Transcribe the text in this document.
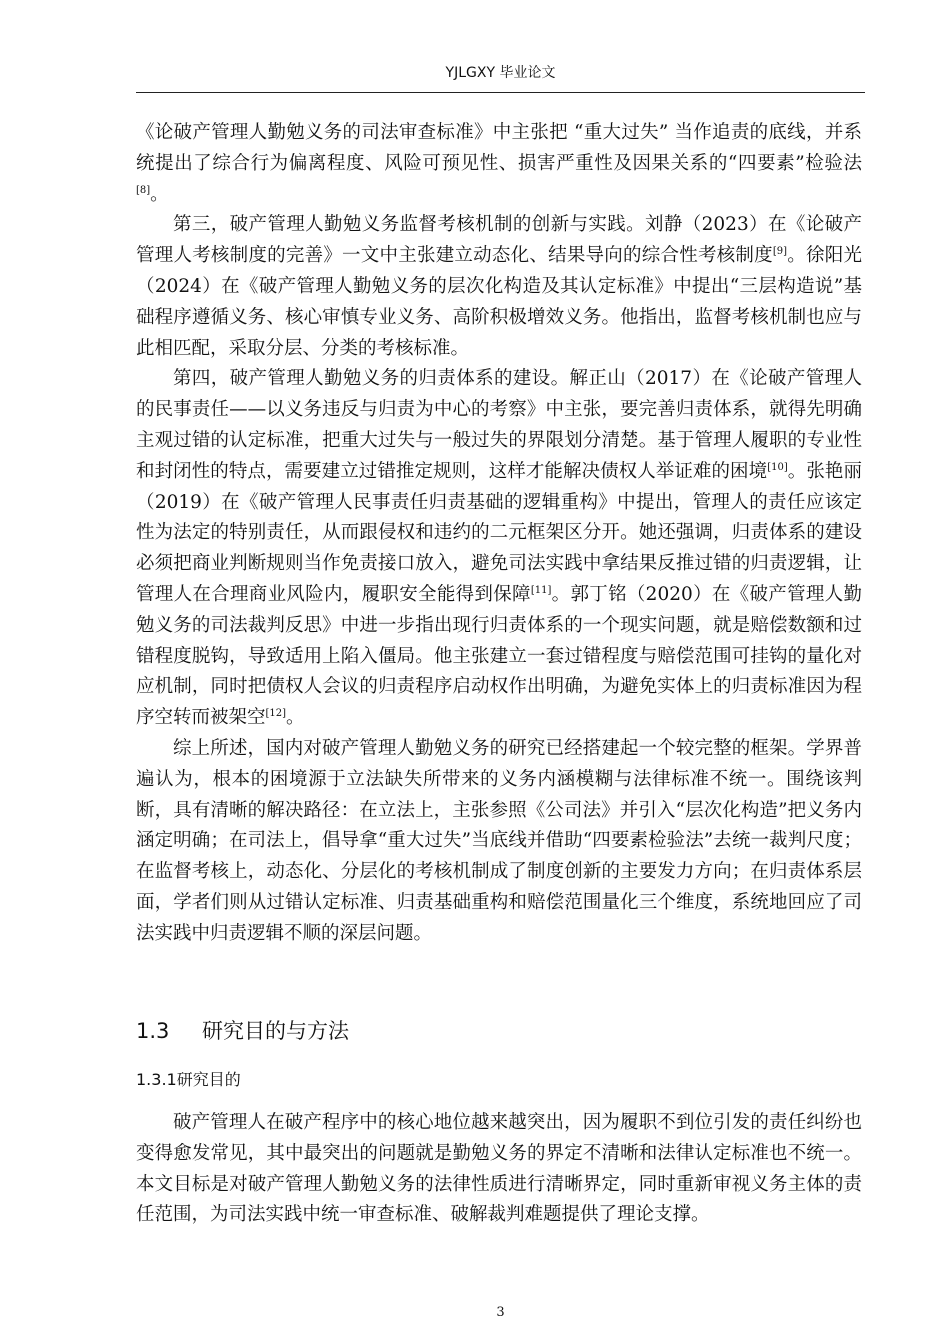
YJLGXY 毕业论文

《论破产管理人勤勉义务的司法审查标准》中主张把 “重大过失” 当作追责的底线，并系统提出了综合行为偏离程度、风险可预见性、损害严重性及因果关系的“四要素”检验法[8]。

第三，破产管理人勤勉义务监督考核机制的创新与实践。刘静（2023）在《论破产管理人考核制度的完善》一文中主张建立动态化、结果导向的综合性考核制度[9]。徐阳光（2024）在《破产管理人勤勉义务的层次化构造及其认定标准》中提出“三层构造说”基础程序遵循义务、核心审慎专业义务、高阶积极增效义务。他指出，监督考核机制也应与此相匹配，采取分层、分类的考核标准。

第四，破产管理人勤勉义务的归责体系的建设。解正山（2017）在《论破产管理人的民事责任——以义务违反与归责为中心的考察》中主张，要完善归责体系，就得先明确主观过错的认定标准，把重大过失与一般过失的界限划分清楚。基于管理人履职的专业性和封闭性的特点，需要建立过错推定规则，这样才能解决债权人举证难的困境[10]。张艳丽（2019）在《破产管理人民事责任归责基础的逻辑重构》中提出，管理人的责任应该定性为法定的特别责任，从而跟侵权和违约的二元框架区分开。她还强调，归责体系的建设必须把商业判断规则当作免责接口放入，避免司法实践中拿结果反推过错的归责逻辑，让管理人在合理商业风险内，履职安全能得到保障[11]。郭丁铭（2020）在《破产管理人勤勉义务的司法裁判反思》中进一步指出现行归责体系的一个现实问题，就是赔偿数额和过错程度脱钩，导致适用上陷入僵局。他主张建立一套过错程度与赔偿范围可挂钩的量化对应机制，同时把债权人会议的归责程序启动权作出明确，为避免实体上的归责标准因为程序空转而被架空[12]。

综上所述，国内对破产管理人勤勉义务的研究已经搭建起一个较完整的框架。学界普遍认为，根本的困境源于立法缺失所带来的义务内涵模糊与法律标准不统一。围绕该判断，具有清晰的解决路径：在立法上，主张参照《公司法》并引入“层次化构造”把义务内涵定明确；在司法上，倡导拿“重大过失”当底线并借助“四要素检验法”去统一裁判尺度；在监督考核上，动态化、分层化的考核机制成了制度创新的主要发力方向；在归责体系层面，学者们则从过错认定标准、归责基础重构和赔偿范围量化三个维度，系统地回应了司法实践中归责逻辑不顺的深层问题。

1.3 研究目的与方法
1.3.1研究目的

破产管理人在破产程序中的核心地位越来越突出，因为履职不到位引发的责任纠纷也变得愈发常见，其中最突出的问题就是勤勉义务的界定不清晰和法律认定标准也不统一。本文目标是对破产管理人勤勉义务的法律性质进行清晰界定，同时重新审视义务主体的责任范围，为司法实践中统一审查标准、破解裁判难题提供了理论支撑。

3
